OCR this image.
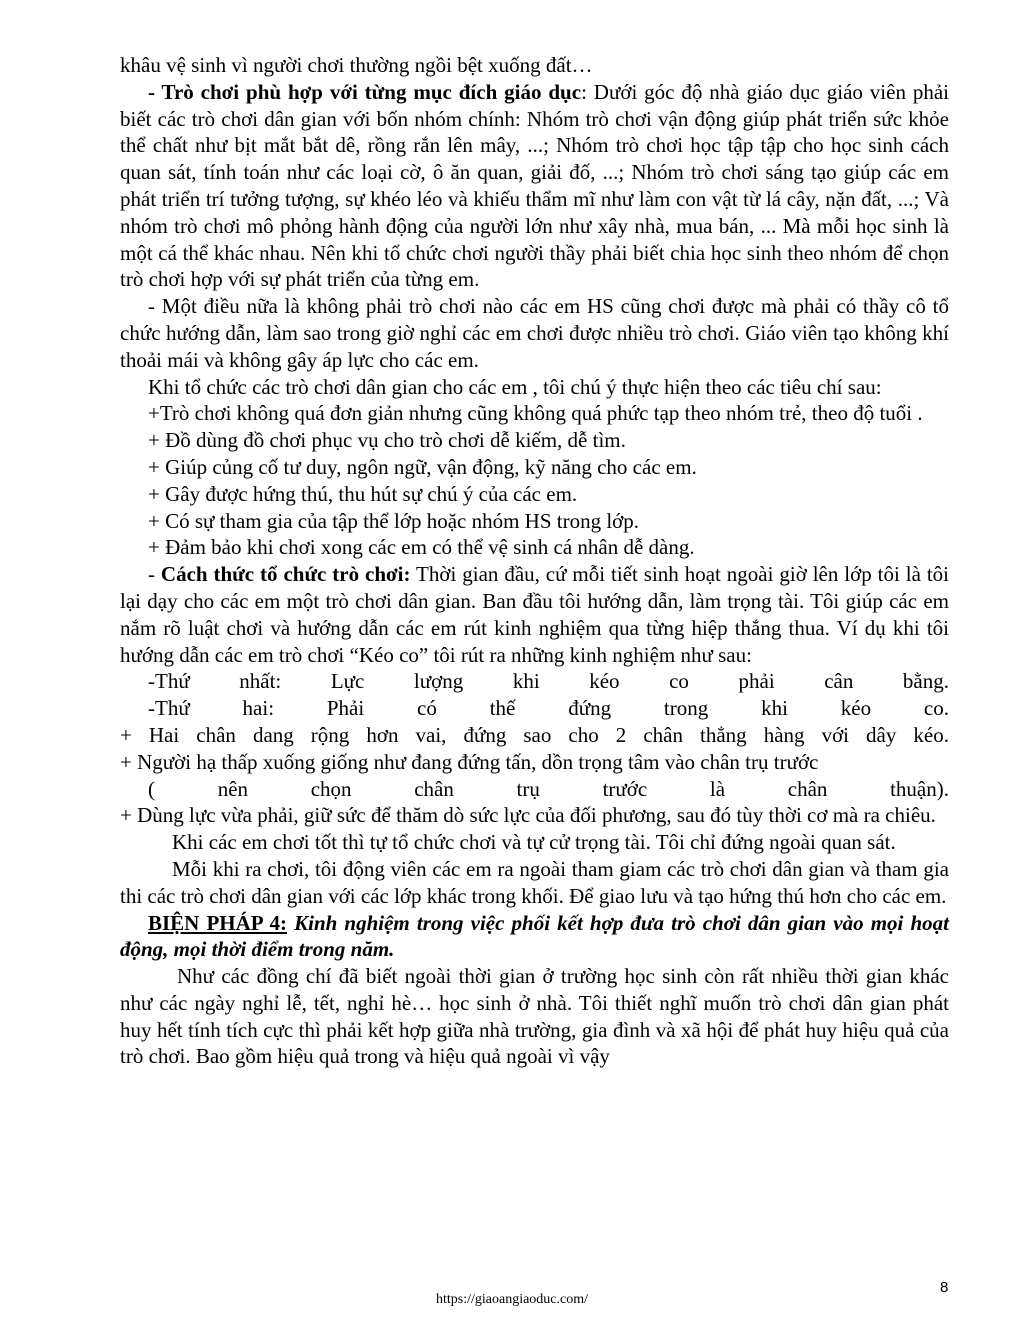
khâu vệ sinh vì người chơi thường ngồi bệt xuống đất…

- Trò chơi phù hợp với từng mục đích giáo dục: Dưới góc độ nhà giáo dục giáo viên phải biết các trò chơi dân gian với bốn nhóm chính: Nhóm trò chơi vận động giúp phát triển sức khỏe thể chất như bịt mắt bắt dê, rồng rắn lên mây, ...; Nhóm trò chơi học tập tập cho học sinh cách quan sát, tính toán như các loại cờ, ô ăn quan, giải đố, ...; Nhóm trò chơi sáng tạo giúp các em phát triển trí tưởng tượng, sự khéo léo và khiếu thẩm mĩ như làm con vật từ lá cây, nặn đất, ...; Và nhóm trò chơi mô phỏng hành động của người lớn như xây nhà, mua bán, ... Mà mỗi học sinh là một cá thể khác nhau. Nên khi tổ chức chơi người thầy phải biết chia học sinh theo nhóm để chọn trò chơi hợp với sự phát triển của từng em.

- Một điều nữa là không phải trò chơi nào các em HS cũng chơi được mà phải có thầy cô tổ chức hướng dẫn, làm sao trong giờ nghỉ các em chơi được nhiều trò chơi. Giáo viên tạo không khí thoải mái và không gây áp lực cho các em.

Khi tổ chức các trò chơi dân gian cho các em , tôi chú ý thực hiện theo các tiêu chí sau:

+Trò chơi không quá đơn giản nhưng cũng không quá phức tạp theo nhóm trẻ, theo độ tuổi .

+ Đồ dùng đồ chơi phục vụ cho trò chơi dễ kiếm, dễ tìm.

+ Giúp củng cố tư duy, ngôn ngữ, vận động, kỹ năng cho các em.

+ Gây được hứng thú, thu hút sự chú ý của các em.

+ Có sự tham gia của tập thể lớp hoặc nhóm HS trong lớp.

+ Đảm bảo khi chơi xong các em có thể vệ sinh cá nhân dễ dàng.

- Cách thức tổ chức trò chơi: Thời gian đầu, cứ mỗi tiết sinh hoạt ngoài giờ lên lớp tôi là tôi lại dạy cho các em một trò chơi dân gian. Ban đầu tôi hướng dẫn, làm trọng tài. Tôi giúp các em nắm rõ luật chơi và hướng dẫn các em rút kinh nghiệm qua từng hiệp thắng thua. Ví dụ khi tôi hướng dẫn các em trò chơi “Kéo co” tôi rút ra những kinh nghiệm như sau:

-Thứ nhất: Lực lượng khi kéo co phải cân bằng.

-Thứ hai: Phải có thế đứng trong khi kéo co.

+ Hai chân dang rộng hơn vai, đứng sao cho 2 chân thẳng hàng với dây kéo.

+ Người hạ thấp xuống giống như đang đứng tấn, dồn trọng tâm vào chân trụ trước

( nên chọn chân trụ trước là chân thuận).

+ Dùng lực vừa phải, giữ sức để thăm dò sức lực của đối phương, sau đó tùy thời cơ mà ra chiêu.

Khi các em chơi tốt thì tự tổ chức chơi và tự cử trọng tài. Tôi chỉ đứng ngoài quan sát.

Mỗi khi ra chơi, tôi động viên các em ra ngoài tham giam các trò chơi dân gian và tham gia thi các trò chơi dân gian với các lớp khác trong khối. Để giao lưu và tạo hứng thú hơn cho các em.

BIỆN PHÁP 4: Kinh nghiệm trong việc phối kết hợp đưa trò chơi dân gian vào mọi hoạt động, mọi thời điểm trong năm.

Như các đồng chí đã biết ngoài thời gian ở trường học sinh còn rất nhiều thời gian khác như các ngày nghỉ lễ, tết, nghỉ hè… học sinh ở nhà. Tôi thiết nghĩ muốn trò chơi dân gian phát huy hết tính tích cực thì phải kết hợp giữa nhà trường, gia đình và xã hội để phát huy hiệu quả của trò chơi. Bao gồm hiệu quả trong và hiệu quả ngoài vì vậy

https://giaoangiaoduc.com/
8
